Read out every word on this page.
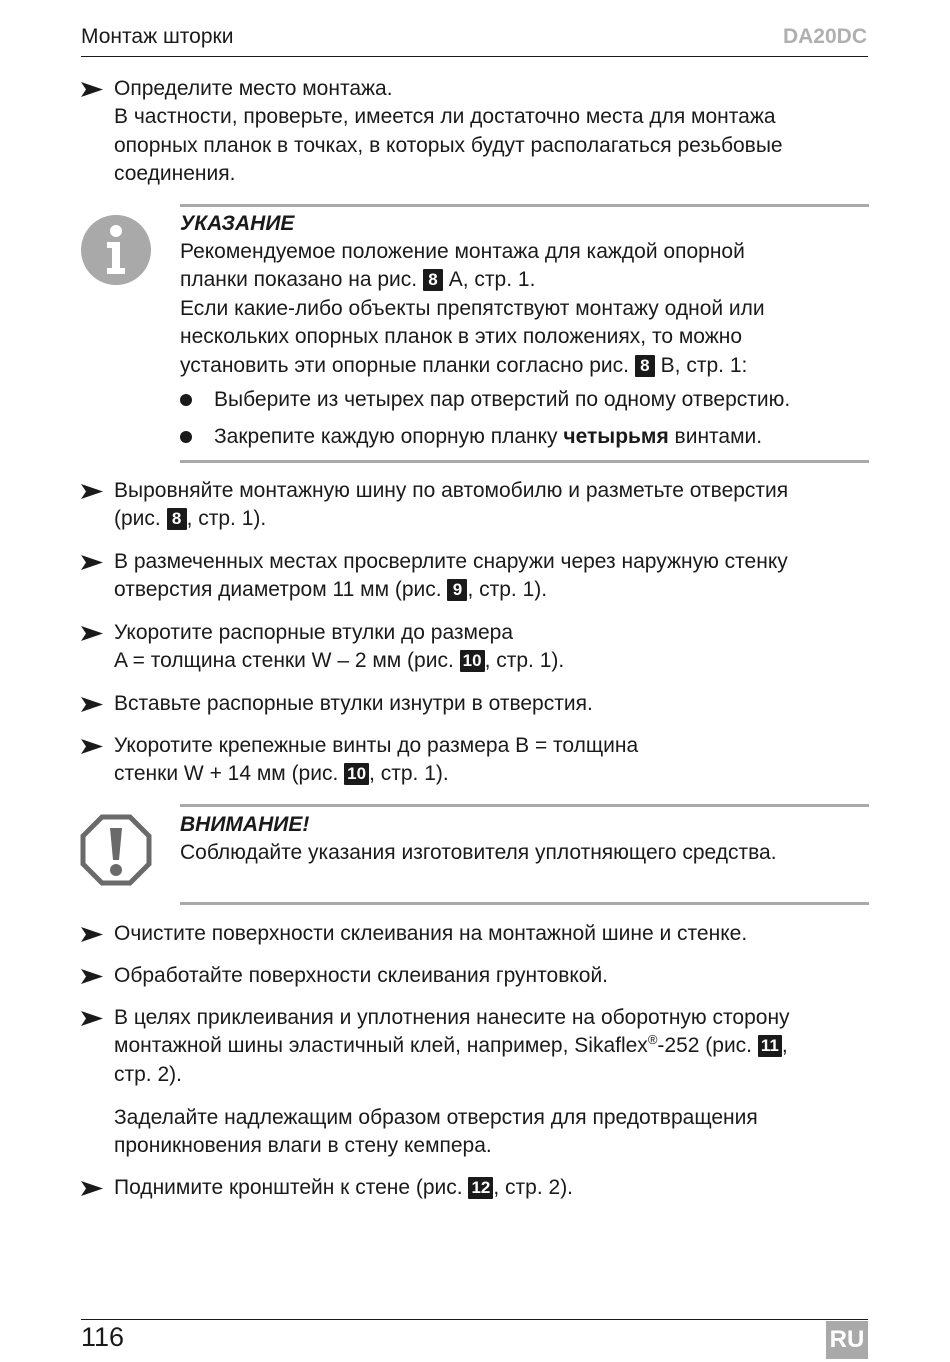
Монтаж шторки	DA20DC
Определите место монтажа.
В частности, проверьте, имеется ли достаточно места для монтажа
опорных планок в точках, в которых будут располагаться резьбовые
соединения.
УКАЗАНИЕ
Рекомендуемое положение монтажа для каждой опорной
планки показано на рис. 8 A, стр. 1.
Если какие-либо объекты препятствуют монтажу одной или
нескольких опорных планок в этих положениях, то можно
установить эти опорные планки согласно рис. 8 B, стр. 1:
Выберите из четырех пар отверстий по одному отверстию.
Закрепите каждую опорную планку четырьмя винтами.
Выровняйте монтажную шину по автомобилю и разметьте отверстия
(рис. 8 , стр. 1).
В размеченных местах просверлите снаружи через наружную стенку
отверстия диаметром 11 мм (рис. 9 , стр. 1).
Укоротите распорные втулки до размера
A = толщина стенки W – 2 мм (рис. 10 , стр. 1).
Вставьте распорные втулки изнутри в отверстия.
Укоротите крепежные винты до размера B = толщина
стенки W + 14 мм (рис. 10 , стр. 1).
ВНИМАНИЕ!
Соблюдайте указания изготовителя уплотняющего средства.
Очистите поверхности склеивания на монтажной шине и стенке.
Обработайте поверхности склеивания грунтовкой.
В целях приклеивания и уплотнения нанесите на оборотную сторону
монтажной шины эластичный клей, например, Sikaflex®-252 (рис. 11 ,
стр. 2).
Заделайте надлежащим образом отверстия для предотвращения
проникновения влаги в стену кемпера.
Поднимите кронштейн к стене (рис. 12 , стр. 2).
116	RU
